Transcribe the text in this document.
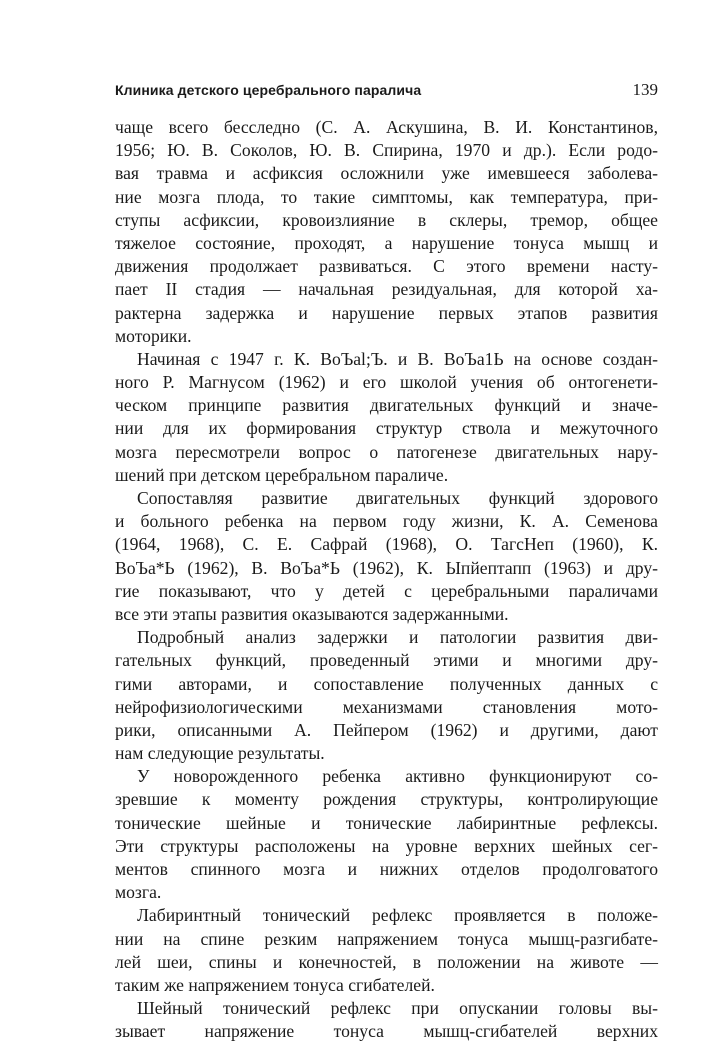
Клиника детского церебрального паралича	139
чаще всего бесследно (С. А. Аскушина, В. И. Константинов,
1956; Ю. В. Соколов, Ю. В. Спирина, 1970 и др.). Если родо-
вая травма и асфиксия осложнили уже имевшееся заболева-
ние мозга плода, то такие симптомы, как температура, при-
ступы асфиксии, кровоизлияние в склеры, тремор, общее
тяжелое состояние, проходят, а нарушение тонуса мышц и
движения продолжает развиваться. С этого времени насту-
пает II стадия — начальная резидуальная, для которой ха-
рактерна задержка и нарушение первых этапов развития
моторики.
Начиная с 1947 г. К. ВоЪаl;Ъ. и В. ВоЪа1Ь на основе создан-
ного Р. Магнусом (1962) и его школой учения об онтогенети-
ческом принципе развития двигательных функций и значе-
нии для их формирования структур ствола и межуточного
мозга пересмотрели вопрос о патогенезе двигательных нару-
шений при детском церебральном параличе.
Сопоставляя развитие двигательных функций здорового
и больного ребенка на первом году жизни, К. А. Семенова
(1964, 1968), С. Е. Сафрай (1968), О. ТагсНеп (1960), К.
ВоЪа*Ь (1962), В. ВоЪа*Ь (1962), К. Ыпйептапп (1963) и дру-
гие показывают, что у детей с церебральными параличами
все эти этапы развития оказываются задержанными.
Подробный анализ задержки и патологии развития дви-
гательных функций, проведенный этими и многими дру-
гими авторами, и сопоставление полученных данных с
нейрофизиологическими механизмами становления мото-
рики, описанными А. Пейпером (1962) и другими, дают
нам следующие результаты.
У новорожденного ребенка активно функционируют со-
зревшие к моменту рождения структуры, контролирующие
тонические шейные и тонические лабиринтные рефлексы.
Эти структуры расположены на уровне верхних шейных сег-
ментов спинного мозга и нижних отделов продолговатого
мозга.
Лабиринтный тонический рефлекс проявляется в положе-
нии на спине резким напряжением тонуса мышц-разгибате-
лей шеи, спины и конечностей, в положении на животе —
таким же напряжением тонуса сгибателей.
Шейный тонический рефлекс при опускании головы вы-
зывает напряжение тонуса мышц-сгибателей верхних
